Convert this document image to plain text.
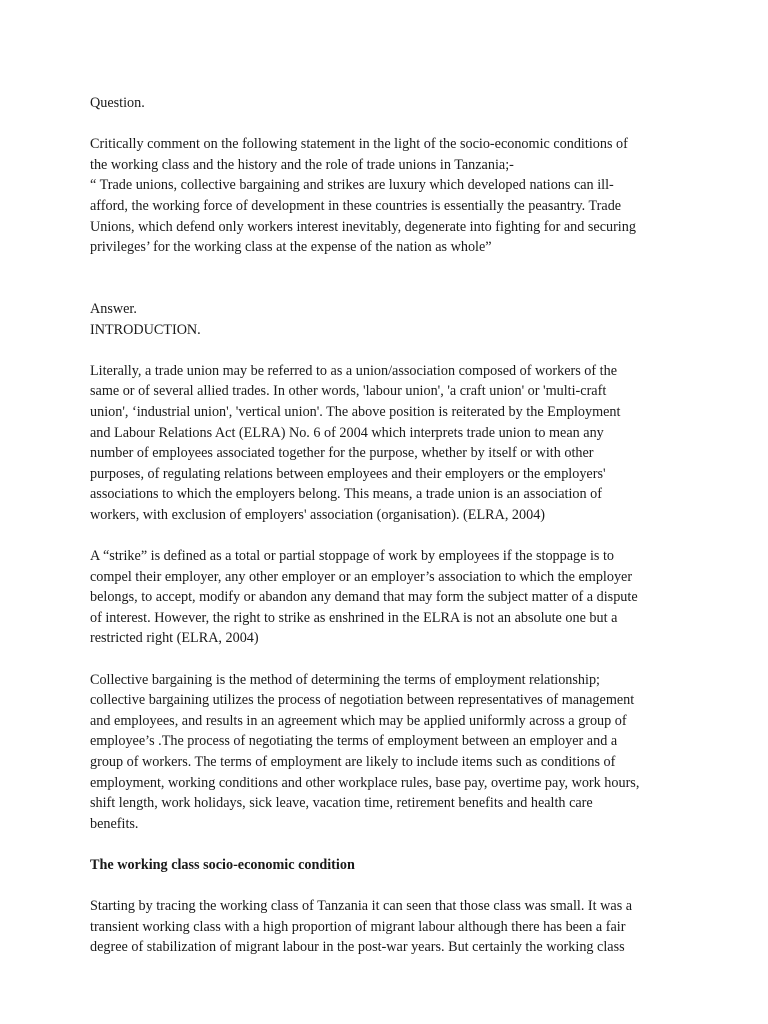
Question.

Critically comment on the following statement in the light of the socio-economic conditions of
the working class and the history and the role of trade unions in Tanzania;-
“ Trade unions, collective bargaining and strikes are luxury which developed nations can ill-
afford, the working force of development in these countries is essentially the peasantry. Trade
Unions, which defend only workers interest inevitably, degenerate into fighting for and securing
privileges’ for the working class at the expense of the nation as whole”

Answer.

INTRODUCTION.

Literally, a trade union may be referred to as a union/association composed of workers of the
same or of several allied trades. In other words, 'labour union', 'a craft union' or 'multi-craft
union', ‘industrial union', 'vertical union'. The above position is reiterated by the Employment
and Labour Relations Act (ELRA) No. 6 of 2004 which interprets trade union to mean any
number of employees associated together for the purpose, whether by itself or with other
purposes, of regulating relations between employees and their employers or the employers'
associations to which the employers belong. This means, a trade union is an association of
workers, with exclusion of employers' association (organisation). (ELRA, 2004)

A “strike” is defined as a total or partial stoppage of work by employees if the stoppage is to
compel their employer, any other employer or an employer’s association to which the employer
belongs, to accept, modify or abandon any demand that may form the subject matter of a dispute
of interest. However, the right to strike as enshrined in the ELRA is not an absolute one but a
restricted right (ELRA, 2004)

Collective bargaining is the method of determining the terms of employment relationship;
collective bargaining utilizes the process of negotiation between representatives of management
and employees, and results in an agreement which may be applied uniformly across a group of
employee’s .The process of negotiating the terms of employment between an employer and a
group of workers. The terms of employment are likely to include items such as conditions of
employment, working conditions and other workplace rules, base pay, overtime pay, work hours,
shift length, work holidays, sick leave, vacation time, retirement benefits and health care
benefits.

The working class socio-economic condition

Starting by tracing the working class of Tanzania it can seen that those class was small. It was a
transient working class with a high proportion of migrant labour although there has been a fair
degree of stabilization of migrant labour in the post-war years. But certainly the working class
